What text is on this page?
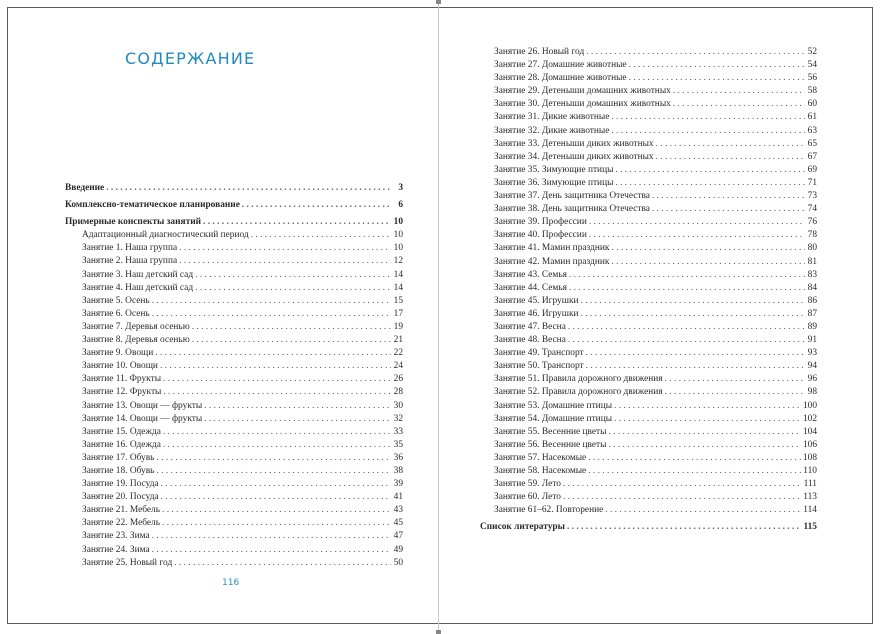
СОДЕРЖАНИЕ
Введение . . .	3
Комплексно-тематическое планирование . . .	6
Примерные конспекты занятий . . .	10
Адаптационный диагностический период . . .	10
Занятие 1. Наша группа . . .	10
Занятие 2. Наша группа . . .	12
Занятие 3. Наш детский сад . . .	14
Занятие 4. Наш детский сад . . .	14
Занятие 5. Осень . . .	15
Занятие 6. Осень . . .	17
Занятие 7. Деревья осенью . . .	19
Занятие 8. Деревья осенью . . .	21
Занятие 9. Овощи . . .	22
Занятие 10. Овощи . . .	24
Занятие 11. Фрукты . . .	26
Занятие 12. Фрукты . . .	28
Занятие 13. Овощи — фрукты . . .	30
Занятие 14. Овощи — фрукты . . .	32
Занятие 15. Одежда . . .	33
Занятие 16. Одежда . . .	35
Занятие 17. Обувь . . .	36
Занятие 18. Обувь . . .	38
Занятие 19. Посуда . . .	39
Занятие 20. Посуда . . .	41
Занятие 21. Мебель . . .	43
Занятие 22. Мебель . . .	45
Занятие 23. Зима . . .	47
Занятие 24. Зима . . .	49
Занятие 25. Новый год . . .	50
Занятие 26. Новый год . . .	52
Занятие 27. Домашние животные . . .	54
Занятие 28. Домашние животные . . .	56
Занятие 29. Детеныши домашних животных . . .	58
Занятие 30. Детеныши домашних животных . . .	60
Занятие 31. Дикие животные . . .	61
Занятие 32. Дикие животные . . .	63
Занятие 33. Детеныши диких животных . . .	65
Занятие 34. Детеныши диких животных . . .	67
Занятие 35. Зимующие птицы . . .	69
Занятие 36. Зимующие птицы . . .	71
Занятие 37. День защитника Отечества . . .	73
Занятие 38. День защитника Отечества . . .	74
Занятие 39. Профессии . . .	76
Занятие 40. Профессии . . .	78
Занятие 41. Мамин праздник . . .	80
Занятие 42. Мамин праздник . . .	81
Занятие 43. Семья . . .	83
Занятие 44. Семья . . .	84
Занятие 45. Игрушки . . .	86
Занятие 46. Игрушки . . .	87
Занятие 47. Весна . . .	89
Занятие 48. Весна . . .	91
Занятие 49. Транспорт . . .	93
Занятие 50. Транспорт . . .	94
Занятие 51. Правила дорожного движения . . .	96
Занятие 52. Правила дорожного движения . . .	98
Занятие 53. Домашние птицы . . .	100
Занятие 54. Домашние птицы . . .	102
Занятие 55. Весенние цветы . . .	104
Занятие 56. Весенние цветы . . .	106
Занятие 57. Насекомые . . .	108
Занятие 58. Насекомые . . .	110
Занятие 59. Лето . . .	111
Занятие 60. Лето . . .	113
Занятие 61–62. Повторение . . .	114
Список литературы . . .	115
116
